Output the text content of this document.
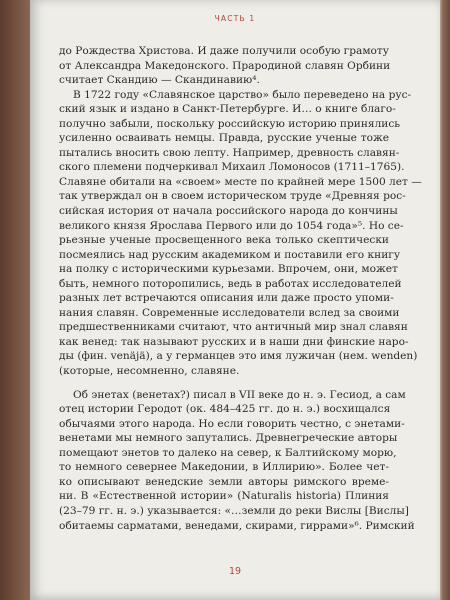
ЧАСТЬ 1
до Рождества Христова. И даже получили особую грамоту
от Александра Македонского. Прародиной славян Орбини
считает Скандию — Скандинавию⁴.
В 1722 году «Славянское царство» было переведено на рус-
ский язык и издано в Санкт-Петербурге. И… о книге благо-
получно забыли, поскольку российскую историю принялись
усиленно осваивать немцы. Правда, русские ученые тоже
пытались вносить свою лепту. Например, древность славян-
ского племени подчеркивал Михаил Ломоносов (1711–1765).
Славяне обитали на «своем» месте по крайней мере 1500 лет —
так утверждал он в своем историческом труде «Древняя рос-
сийская история от начала российского народа до кончины
великого князя Ярослава Первого или до 1054 года»⁵. Но се-
рьезные ученые просвещенного века только скептически
посмеялись над русским академиком и поставили его книгу
на полку с историческими курьезами. Впрочем, они, может
быть, немного поторопились, ведь в работах исследователей
разных лет встречаются описания или даже просто упоми-
нания славян. Современные исследователи вслед за своими
предшественниками считают, что античный мир знал славян
как венед: так называют русских и в наши дни финские наро-
ды (фин. venäjä), а у германцев это имя лужичан (нем. wenden)
(которые, несомненно, славяне.
Об энетах (венетах?) писал в VII веке до н. э. Гесиод, а сам
отец истории Геродот (ок. 484–425 гг. до н. э.) восхищался
обычаями этого народа. Но если говорить честно, с энетами-
венетами мы немного запутались. Древнегреческие авторы
помещают энетов то далеко на север, к Балтийскому морю,
то немного севернее Македонии, в Иллирию». Более чет-
ко описывают венедские земли авторы римского време-
ни. В «Естественной истории» (Naturalis historia) Плиния
(23–79 гг. н. э.) указывается: «…земли до реки Вислы [Вислы]
обитаемы сарматами, венедами, скирами, гиррами»⁶. Римский
19
